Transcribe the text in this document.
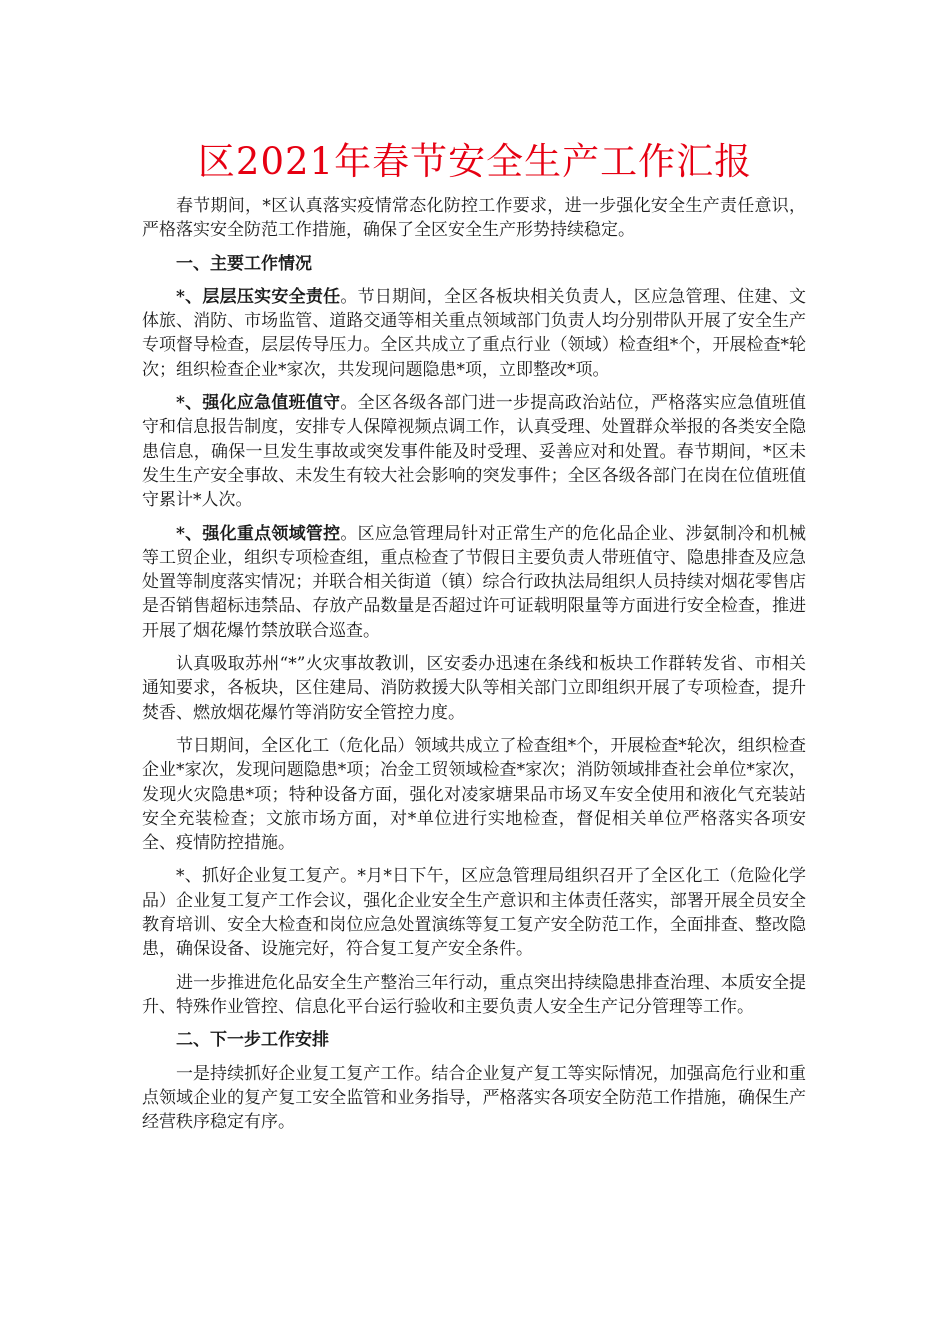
区2021年春节安全生产工作汇报

春节期间，*区认真落实疫情常态化防控工作要求，进一步强化安全生产责任意识，严格落实安全防范工作措施，确保了全区安全生产形势持续稳定。

一、主要工作情况

*、层层压实安全责任。节日期间，全区各板块相关负责人，区应急管理、住建、文体旅、消防、市场监管、道路交通等相关重点领域部门负责人均分别带队开展了安全生产专项督导检查，层层传导压力。全区共成立了重点行业（领域）检查组*个，开展检查*轮次；组织检查企业*家次，共发现问题隐患*项，立即整改*项。

*、强化应急值班值守。全区各级各部门进一步提高政治站位，严格落实应急值班值守和信息报告制度，安排专人保障视频点调工作，认真受理、处置群众举报的各类安全隐患信息，确保一旦发生事故或突发事件能及时受理、妥善应对和处置。春节期间，*区未发生生产安全事故、未发生有较大社会影响的突发事件；全区各级各部门在岗在位值班值守累计*人次。

*、强化重点领域管控。区应急管理局针对正常生产的危化品企业、涉氨制冷和机械等工贸企业，组织专项检查组，重点检查了节假日主要负责人带班值守、隐患排查及应急处置等制度落实情况；并联合相关街道（镇）综合行政执法局组织人员持续对烟花零售店是否销售超标违禁品、存放产品数量是否超过许可证载明限量等方面进行安全检查，推进开展了烟花爆竹禁放联合巡查。

认真吸取苏州“*”火灾事故教训，区安委办迅速在条线和板块工作群转发省、市相关通知要求，各板块，区住建局、消防救援大队等相关部门立即组织开展了专项检查，提升焚香、燃放烟花爆竹等消防安全管控力度。

节日期间，全区化工（危化品）领域共成立了检查组*个，开展检查*轮次，组织检查企业*家次，发现问题隐患*项；冶金工贸领域检查*家次；消防领域排查社会单位*家次，发现火灾隐患*项；特种设备方面，强化对凌家塘果品市场叉车安全使用和液化气充装站安全充装检查；文旅市场方面，对*单位进行实地检查，督促相关单位严格落实各项安全、疫情防控措施。

*、抓好企业复工复产。*月*日下午，区应急管理局组织召开了全区化工（危险化学品）企业复工复产工作会议，强化企业安全生产意识和主体责任落实，部署开展全员安全教育培训、安全大检查和岗位应急处置演练等复工复产安全防范工作，全面排查、整改隐患，确保设备、设施完好，符合复工复产安全条件。

进一步推进危化品安全生产整治三年行动，重点突出持续隐患排查治理、本质安全提升、特殊作业管控、信息化平台运行验收和主要负责人安全生产记分管理等工作。

二、下一步工作安排

一是持续抓好企业复工复产工作。结合企业复产复工等实际情况，加强高危行业和重点领域企业的复产复工安全监管和业务指导，严格落实各项安全防范工作措施，确保生产经营秩序稳定有序。
